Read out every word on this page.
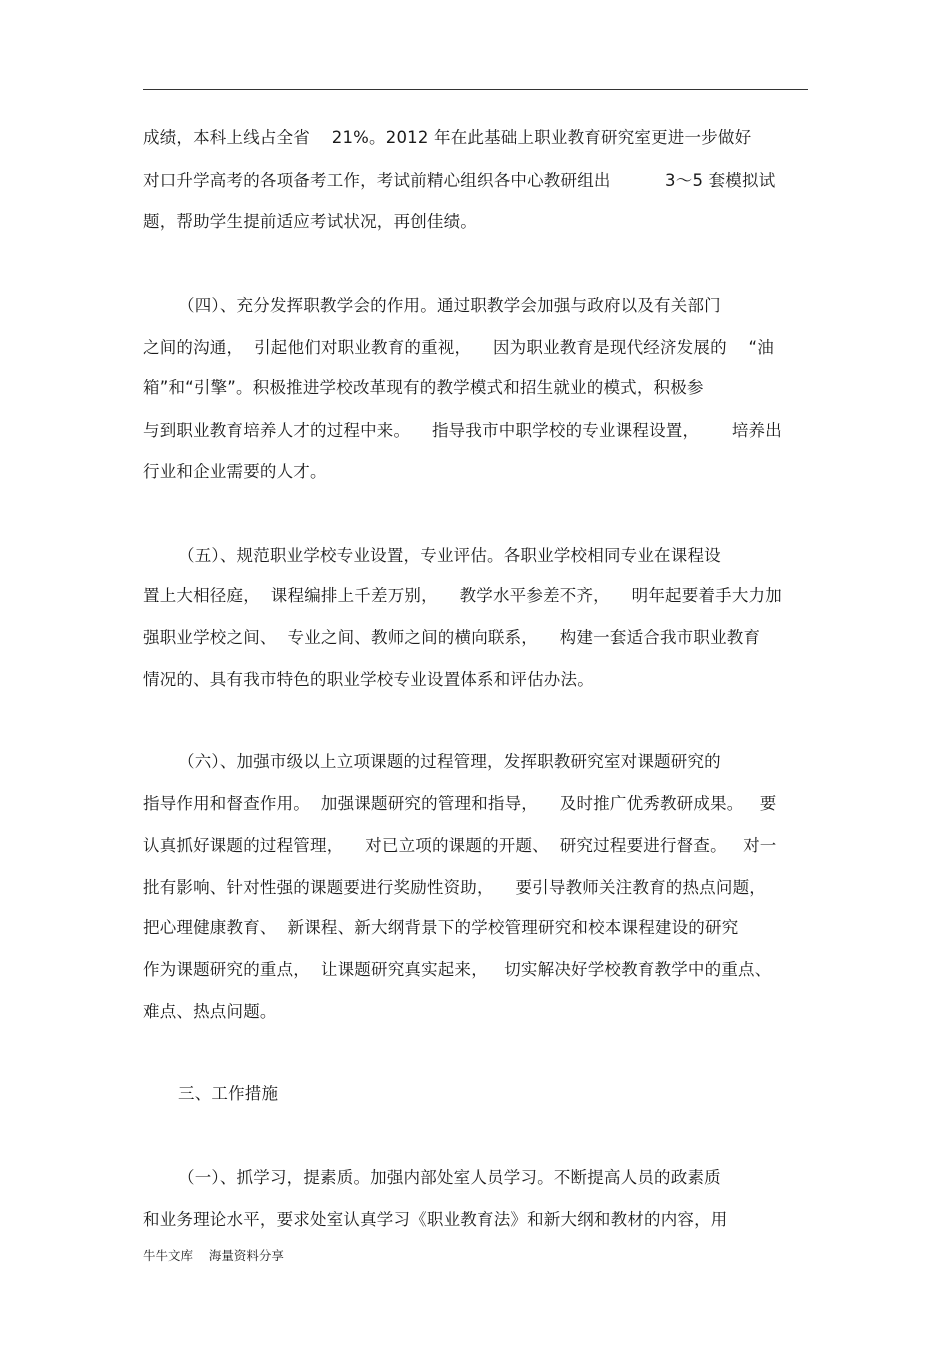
成绩，本科上线占全省    21%。2012 年在此基础上职业教育研究室更进一步做好
对口升学高考的各项备考工作，考试前精心组织各中心教研组出          3～5 套模拟试
题，帮助学生提前适应考试状况，再创佳绩。
（四）、充分发挥职教学会的作用。通过职教学会加强与政府以及有关部门
之间的沟通，  引起他们对职业教育的重视，    因为职业教育是现代经济发展的    “油
箱”和“引擎”。积极推进学校改革现有的教学模式和招生就业的模式，积极参
与到职业教育培养人才的过程中来。    指导我市中职学校的专业课程设置，      培养出
行业和企业需要的人才。
（五）、规范职业学校专业设置，专业评估。各职业学校相同专业在课程设
置上大相径庭，  课程编排上千差万别，    教学水平参差不齐，    明年起要着手大力加
强职业学校之间、  专业之间、教师之间的横向联系，    构建一套适合我市职业教育
情况的、具有我市特色的职业学校专业设置体系和评估办法。
（六）、加强市级以上立项课题的过程管理，发挥职教研究室对课题研究的
指导作用和督查作用。  加强课题研究的管理和指导，    及时推广优秀教研成果。   要
认真抓好课题的过程管理，    对已立项的课题的开题、  研究过程要进行督查。   对一
批有影响、针对性强的课题要进行奖励性资助，    要引导教师关注教育的热点问题，
把心理健康教育、  新课程、新大纲背景下的学校管理研究和校本课程建设的研究
作为课题研究的重点，  让课题研究真实起来，   切实解决好学校教育教学中的重点、
难点、热点问题。
三、工作措施
（一）、抓学习，提素质。加强内部处室人员学习。不断提高人员的政素质
和业务理论水平，要求处室认真学习《职业教育法》和新大纲和教材的内容，用
牛牛文库    海量资料分享
